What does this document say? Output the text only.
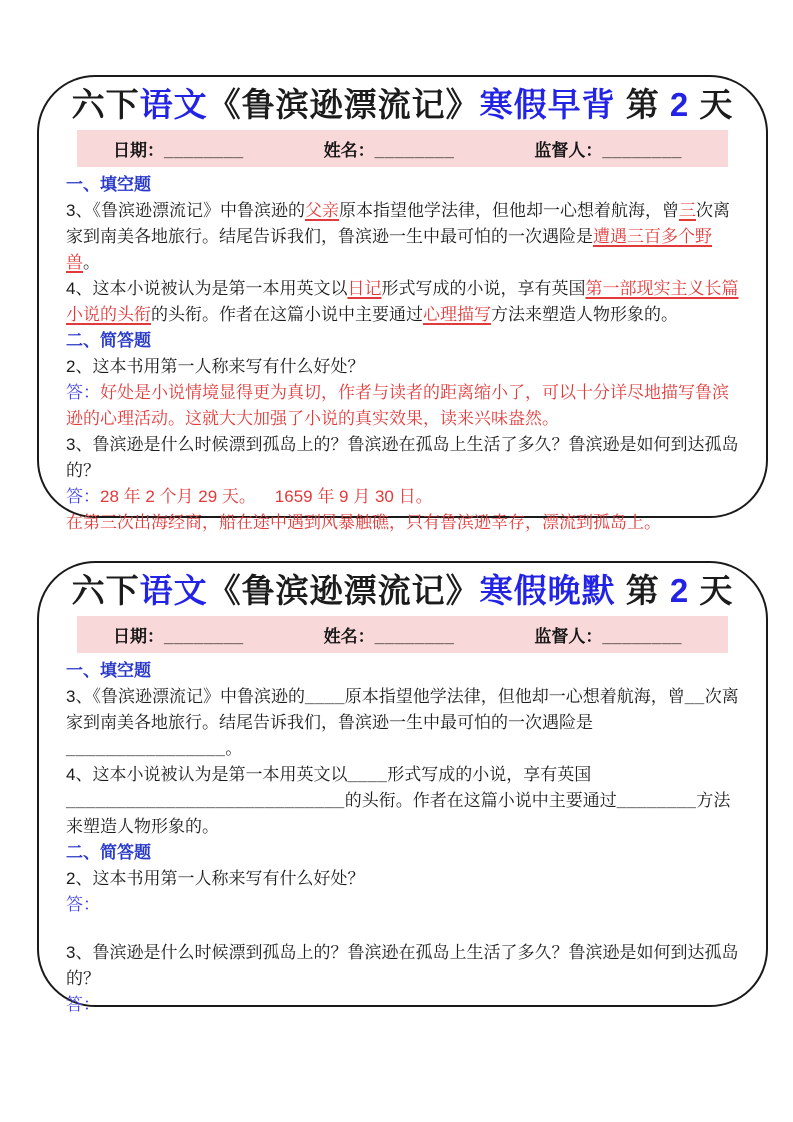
六下语文《鲁滨逊漂流记》寒假早背 第 2 天
日期：________	姓名：________	监督人：________

一、填空题

3、《鲁滨逊漂流记》中鲁滨逊的父亲原本指望他学法律，但他却一心想着航海，曾三次离家到南美各地旅行。结尾告诉我们，鲁滨逊一生中最可怕的一次遇险是遭遇三百多个野兽。

4、这本小说被认为是第一本用英文以日记形式写成的小说，享有英国第一部现实主义长篇小说的头衔的头衔。作者在这篇小说中主要通过心理描写方法来塑造人物形象的。

二、简答题

2、这本书用第一人称来写有什么好处？

答：好处是小说情境显得更为真切，作者与读者的距离缩小了，可以十分详尽地描写鲁滨逊的心理活动。这就大大加强了小说的真实效果，读来兴味盎然。

3、鲁滨逊是什么时候漂到孤岛上的？鲁滨逊在孤岛上生活了多久？鲁滨逊是如何到达孤岛的？

答：28 年 2 个月 29 天。    1659 年 9 月 30 日。

在第三次出海经商，船在途中遇到风暴触礁，只有鲁滨逊幸存，漂流到孤岛上。

六下语文《鲁滨逊漂流记》寒假晚默 第 2 天
日期：________	姓名：________	监督人：________

一、填空题

3、《鲁滨逊漂流记》中鲁滨逊的____原本指望他学法律，但他却一心想着航海，曾__次离家到南美各地旅行。结尾告诉我们，鲁滨逊一生中最可怕的一次遇险是________________。

4、这本小说被认为是第一本用英文以____形式写成的小说，享有英国____________________________的头衔。作者在这篇小说中主要通过________方法来塑造人物形象的。

二、简答题

2、这本书用第一人称来写有什么好处？

答：

3、鲁滨逊是什么时候漂到孤岛上的？鲁滨逊在孤岛上生活了多久？鲁滨逊是如何到达孤岛的？

答：
